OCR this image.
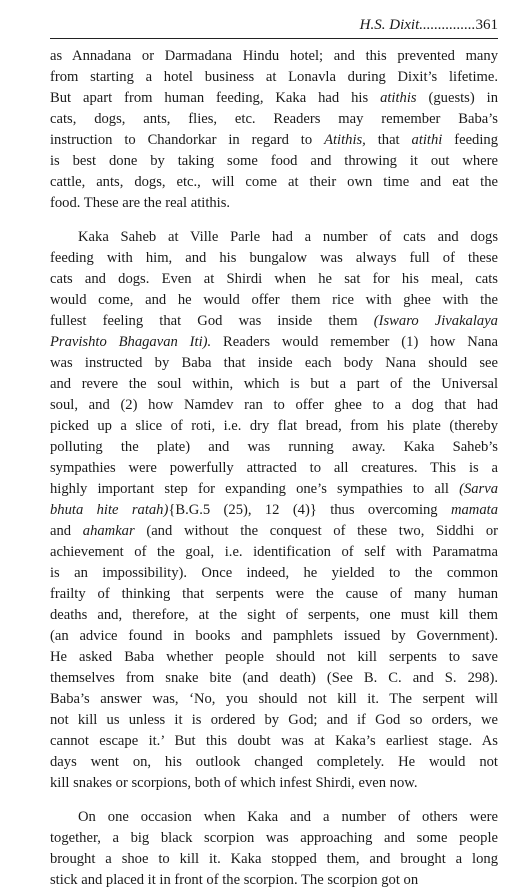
H.S. Dixit...............361
as Annadana or Darmadana Hindu hotel; and this prevented many
from starting a hotel business at Lonavla during Dixit’s lifetime.
But apart from human feeding, Kaka had his atithis (guests) in
cats, dogs, ants, flies, etc. Readers may remember Baba’s
instruction to Chandorkar in regard to Atithis, that atithi feeding
is best done by taking some food and throwing it out where
cattle, ants, dogs, etc., will come at their own time and eat the
food. These are the real atithis.
Kaka Saheb at Ville Parle had a number of cats and dogs
feeding with him, and his bungalow was always full of these
cats and dogs. Even at Shirdi when he sat for his meal, cats
would come, and he would offer them rice with ghee with the
fullest feeling that God was inside them (Iswaro Jivakalaya
Pravishto Bhagavan Iti). Readers would remember (1) how Nana
was instructed by Baba that inside each body Nana should see
and revere the soul within, which is but a part of the Universal
soul, and (2) how Namdev ran to offer ghee to a dog that had
picked up a slice of roti, i.e. dry flat bread, from his plate (thereby
polluting the plate) and was running away. Kaka Saheb’s
sympathies were powerfully attracted to all creatures. This is a
highly important step for expanding one’s sympathies to all (Sarva
bhuta hite ratah){B.G.5 (25), 12 (4)} thus overcoming mamata
and ahamkar (and without the conquest of these two, Siddhi or
achievement of the goal, i.e. identification of self with Paramatma
is an impossibility). Once indeed, he yielded to the common
frailty of thinking that serpents were the cause of many human
deaths and, therefore, at the sight of serpents, one must kill them
(an advice found in books and pamphlets issued by Government).
He asked Baba whether people should not kill serpents to save
themselves from snake bite (and death) (See B. C. and S. 298).
Baba’s answer was, ‘No, you should not kill it. The serpent will
not kill us unless it is ordered by God; and if God so orders, we
cannot escape it.’ But this doubt was at Kaka’s earliest stage. As
days went on, his outlook changed completely. He would not
kill snakes or scorpions, both of which infest Shirdi, even now.
On one occasion when Kaka and a number of others were
together, a big black scorpion was approaching and some people
brought a shoe to kill it. Kaka stopped them, and brought a long
stick and placed it in front of the scorpion. The scorpion got on
